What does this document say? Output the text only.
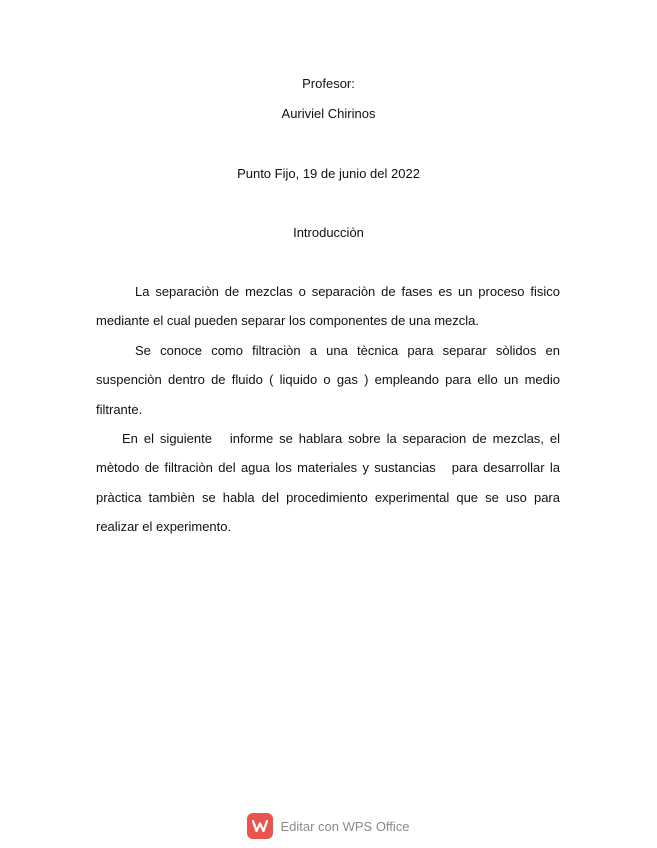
Profesor:
Auriviel Chirinos
Punto Fijo, 19 de junio del 2022
Introducciòn

La separaciòn de mezclas o separaciòn de fases es un proceso fisico mediante el cual pueden separar los componentes de una mezcla.

Se conoce como filtraciòn a una tècnica para separar sòlidos en suspenciòn dentro de fluido ( liquido o gas ) empleando para ello un medio filtrante.

En el siguiente   informe se hablara sobre la separacion de mezclas, el mètodo de filtraciòn del agua los materiales y sustancias   para desarrollar la pràctica tambièn se habla del procedimiento experimental que se uso para realizar el experimento.

Editar con WPS Office
